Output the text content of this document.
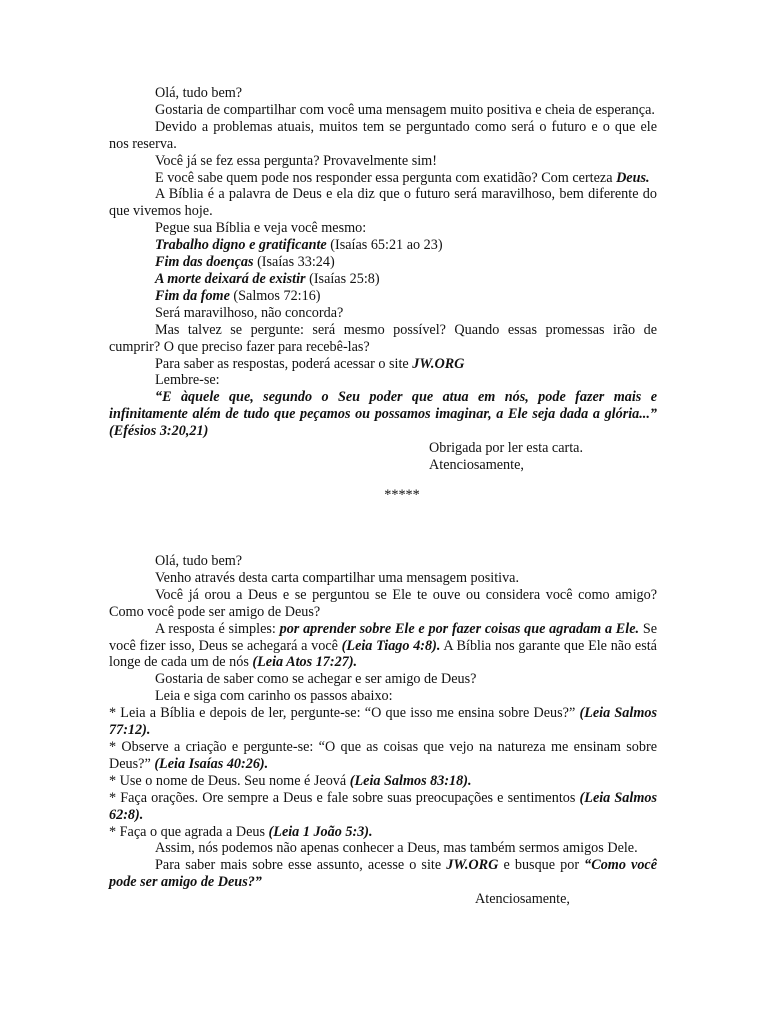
Olá, tudo bem?

Gostaria de compartilhar com você uma mensagem muito positiva e cheia de esperança.

Devido a problemas atuais, muitos tem se perguntado como será o futuro e o que ele nos reserva.

Você já se fez essa pergunta? Provavelmente sim!

E você sabe quem pode nos responder essa pergunta com exatidão? Com certeza Deus.

A Bíblia é a palavra de Deus e ela diz que o futuro será maravilhoso, bem diferente do que vivemos hoje.

Pegue sua Bíblia e veja você mesmo:

Trabalho digno e gratificante (Isaías 65:21 ao 23)

Fim das doenças (Isaías 33:24)

A morte deixará de existir (Isaías 25:8)

Fim da fome (Salmos 72:16)

Será maravilhoso, não concorda?

Mas talvez se pergunte: será mesmo possível? Quando essas promessas irão de cumprir? O que preciso fazer para recebê-las?

Para saber as respostas, poderá acessar o site JW.ORG

Lembre-se:

“E àquele que, segundo o Seu poder que atua em nós, pode fazer mais e infinitamente além de tudo que peçamos ou possamos imaginar, a Ele seja dada a glória...” (Efésios 3:20,21)

Obrigada por ler esta carta.

Atenciosamente,

*****

Olá, tudo bem?

Venho através desta carta compartilhar uma mensagem positiva.

Você já orou a Deus e se perguntou se Ele te ouve ou considera você como amigo? Como você pode ser amigo de Deus?

A resposta é simples: por aprender sobre Ele e por fazer coisas que agradam a Ele. Se você fizer isso, Deus se achegará a você (Leia Tiago 4:8). A Bíblia nos garante que Ele não está longe de cada um de nós (Leia Atos 17:27).

Gostaria de saber como se achegar e ser amigo de Deus?

Leia e siga com carinho os passos abaixo:

* Leia a Bíblia e depois de ler, pergunte-se: “O que isso me ensina sobre Deus?” (Leia Salmos 77:12).

* Observe a criação e pergunte-se: “O que as coisas que vejo na natureza me ensinam sobre Deus?” (Leia Isaías 40:26).

* Use o nome de Deus. Seu nome é Jeová (Leia Salmos 83:18).

* Faça orações. Ore sempre a Deus e fale sobre suas preocupações e sentimentos (Leia Salmos 62:8).

* Faça o que agrada a Deus (Leia 1 João 5:3).

Assim, nós podemos não apenas conhecer a Deus, mas também sermos amigos Dele.

Para saber mais sobre esse assunto, acesse o site JW.ORG e busque por “Como você pode ser amigo de Deus?”

Atenciosamente,
